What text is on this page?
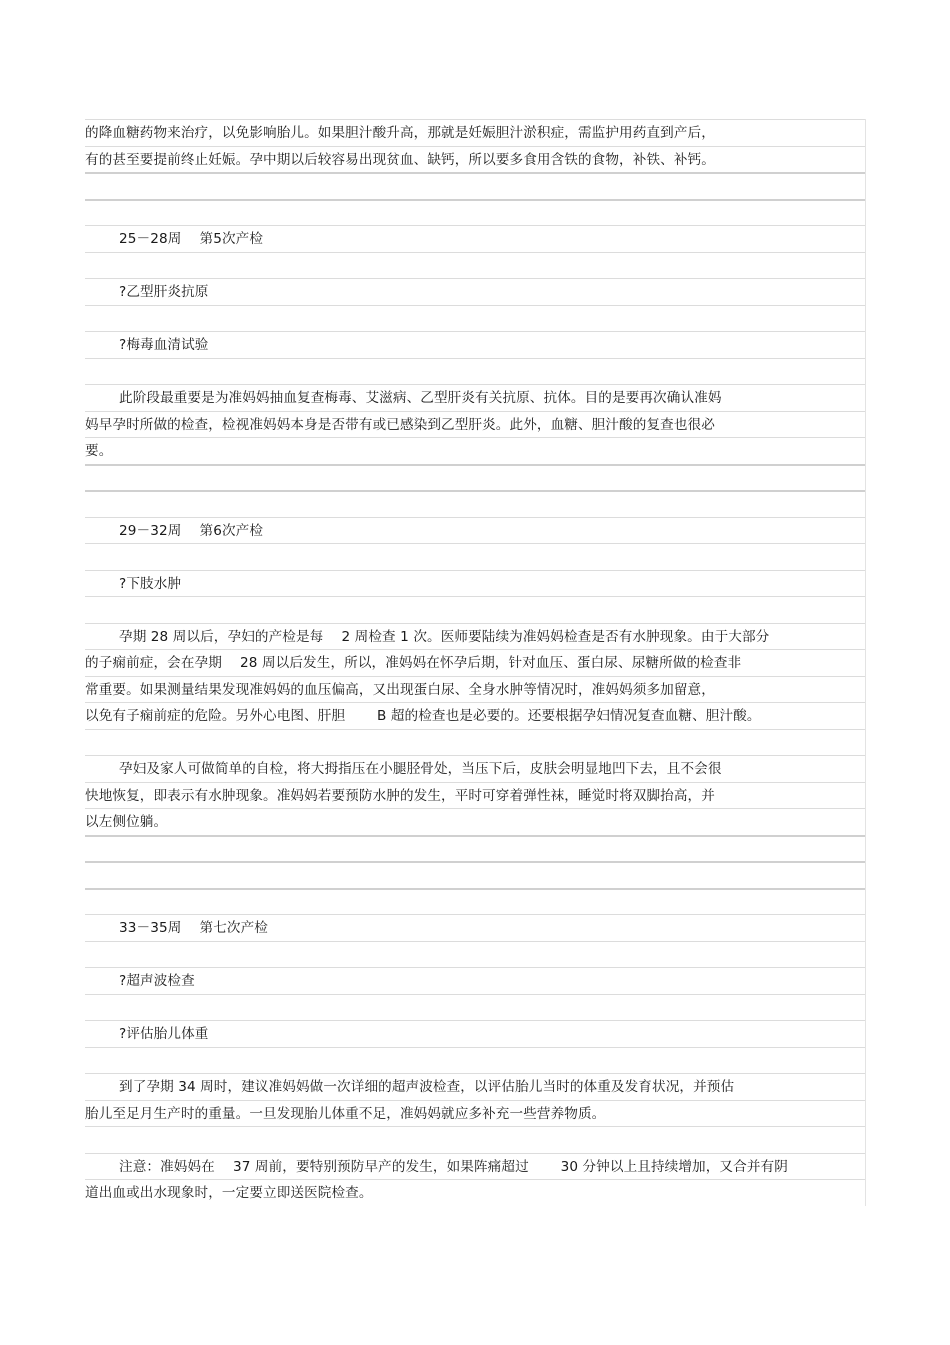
的降血糖药物来治疗，以免影响胎儿。如果胆汁酸升高，那就是妊娠胆汁淤积症，需监护用药直到产后，
有的甚至要提前终止妊娠。孕中期以后较容易出现贫血、缺钙，所以要多食用含铁的食物，补铁、补钙。
25－28周　 第5次产检
?乙型肝炎抗原
?梅毒血清试验
此阶段最重要是为准妈妈抽血复查梅毒、艾滋病、乙型肝炎有关抗原、抗体。目的是要再次确认准妈
妈早孕时所做的检查，检视准妈妈本身是否带有或已感染到乙型肝炎。此外，血糖、胆汁酸的复查也很必
要。
29－32周　 第6次产检
?下肢水肿
孕期 28 周以后，孕妇的产检是每　 2 周检查 1 次。医师要陆续为准妈妈检查是否有水肿现象。由于大部分
的子痫前症，会在孕期　 28 周以后发生，所以，准妈妈在怀孕后期，针对血压、蛋白尿、尿糖所做的检查非
常重要。如果测量结果发现准妈妈的血压偏高，又出现蛋白尿、全身水肿等情况时，准妈妈须多加留意，
以免有子痫前症的危险。另外心电图、肝胆　　 B 超的检查也是必要的。还要根据孕妇情况复查血糖、胆汁酸。
孕妇及家人可做简单的自检，将大拇指压在小腿胫骨处，当压下后，皮肤会明显地凹下去，且不会很
快地恢复，即表示有水肿现象。准妈妈若要预防水肿的发生，平时可穿着弹性袜，睡觉时将双脚抬高，并
以左侧位躺。
33－35周　 第七次产检
?超声波检查
?评估胎儿体重
到了孕期 34 周时，建议准妈妈做一次详细的超声波检查，以评估胎儿当时的体重及发育状况，并预估
胎儿至足月生产时的重量。一旦发现胎儿体重不足，准妈妈就应多补充一些营养物质。
注意：准妈妈在　 37 周前，要特别预防早产的发生，如果阵痛超过　　 30 分钟以上且持续增加，又合并有阴
道出血或出水现象时，一定要立即送医院检查。
